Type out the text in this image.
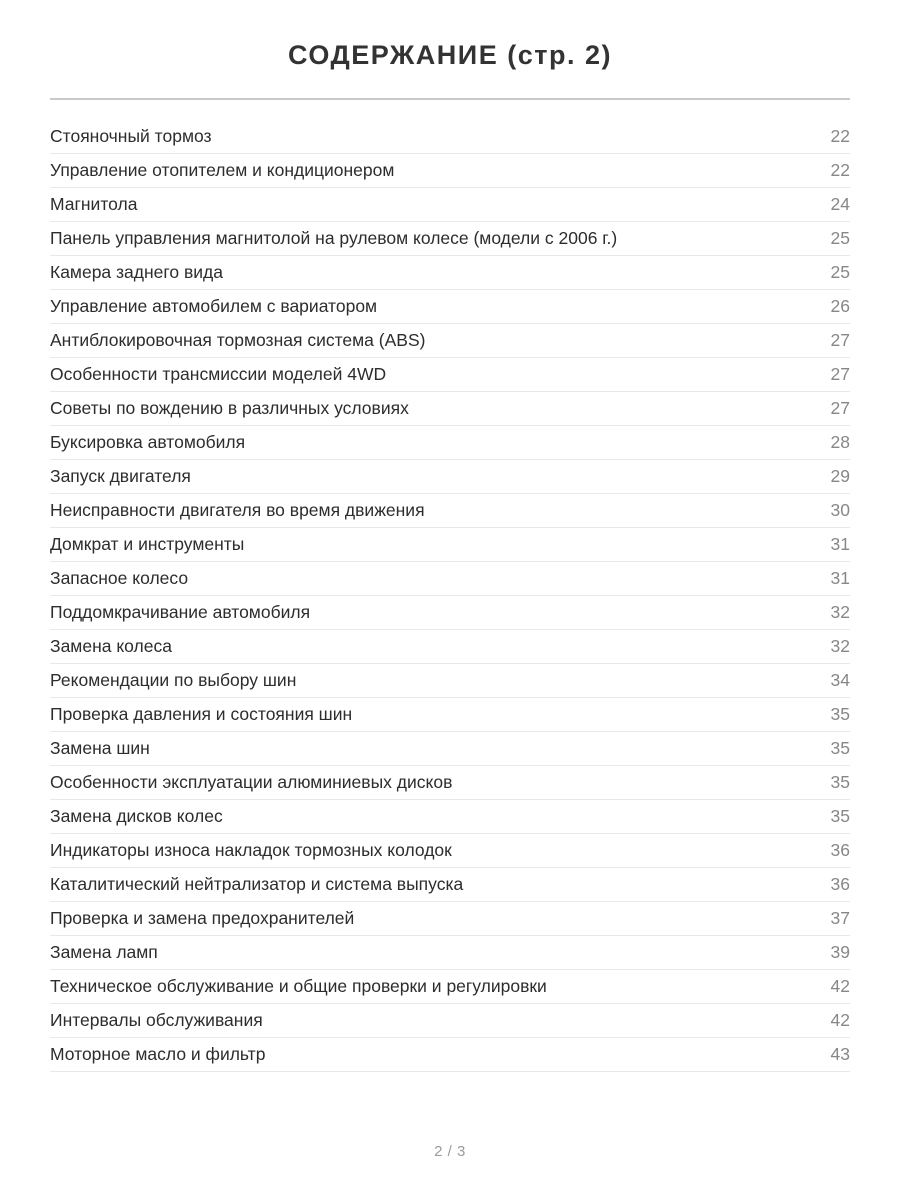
СОДЕРЖАНИЕ (стр. 2)
Стояночный тормоз	22
Управление отопителем и кондиционером	22
Магнитола	24
Панель управления магнитолой на рулевом колесе (модели с 2006 г.)	25
Камера заднего вида	25
Управление автомобилем с вариатором	26
Антиблокировочная тормозная система (ABS)	27
Особенности трансмиссии моделей 4WD	27
Советы по вождению в различных условиях	27
Буксировка автомобиля	28
Запуск двигателя	29
Неисправности двигателя во время движения	30
Домкрат и инструменты	31
Запасное колесо	31
Поддомкрачивание автомобиля	32
Замена колеса	32
Рекомендации по выбору шин	34
Проверка давления и состояния шин	35
Замена шин	35
Особенности эксплуатации алюминиевых дисков	35
Замена дисков колес	35
Индикаторы износа накладок тормозных колодок	36
Каталитический нейтрализатор и система выпуска	36
Проверка и замена предохранителей	37
Замена ламп	39
Техническое обслуживание и общие проверки и регулировки	42
Интервалы обслуживания	42
Моторное масло и фильтр	43
2 / 3
